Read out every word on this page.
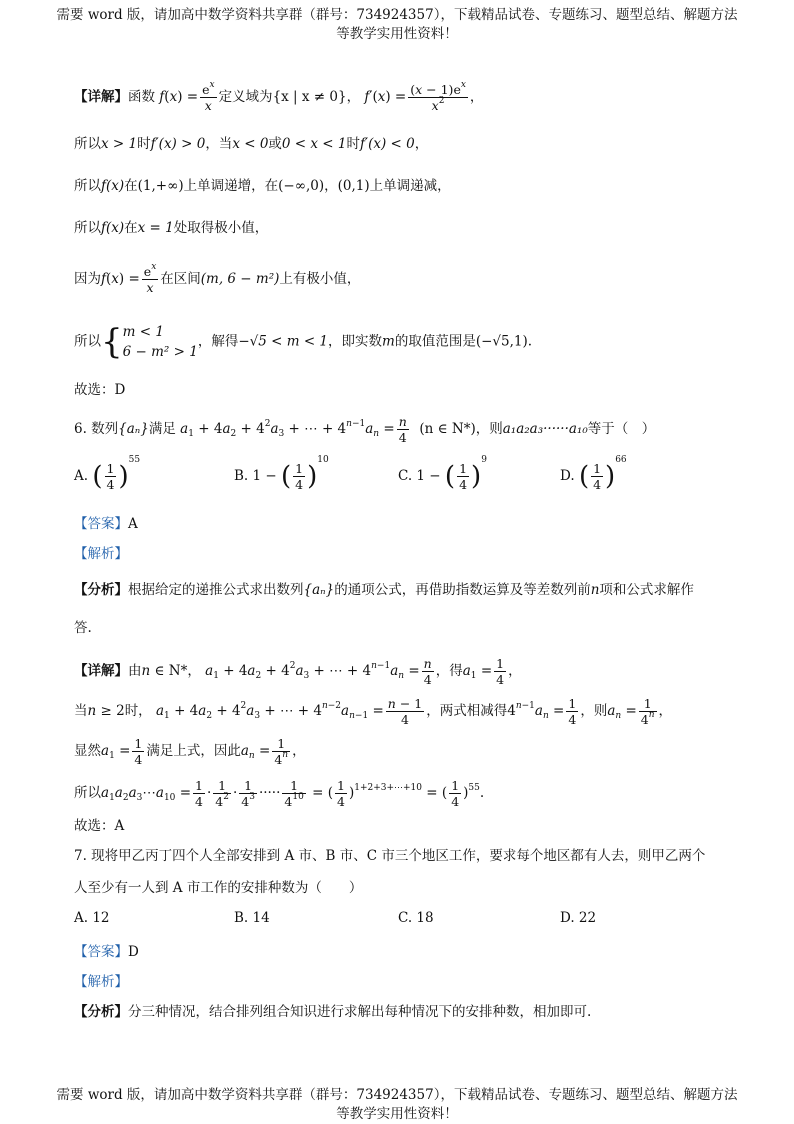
需要 word 版，请加高中数学资料共享群（群号：734924357），下载精品试卷、专题练习、题型总结、解题方法
等教学实用性资料！
【详解】函数 $f(x) = \frac{e^x}{x}$ 定义域为{x | x ≠ 0}， $f'(x) = \frac{(x - 1)e^x}{x^2}$ ，
所以x > 1时f′(x) > 0，当x < 0或0 < x < 1时f′(x) < 0，
所以f(x)在(1,+∞)上单调递增，在(−∞,0)，(0,1)上单调递减，
所以f(x)在x = 1处取得极小值，
因为$f(x) = \frac{e^x}{x}$ 在区间(m, 6 − m²)上有极小值，
所以{ m < 1
6 − m² > 1
，解得−√5 < m < 1，即实数m的取值范围是(−√5,1).
故选：D
6. 数列{aₙ}满足 $a_1 + 4a_2 + 4^2a_3$ + ⋯ + $4^{n-1}a_n = \frac{n}{4} (n$ ∈ N*)，则a₁a₂a₃······a₁₀等于（　）
A. ( $\frac{1}{4} )^{55}$
B. 1 − ( $\frac{1}{4} )^{10}$
C. 1 − ( $\frac{1}{4} )^9$
D. ( $\frac{1}{4} )^{66}$
【答案】A
【解析】
【分析】根据给定的递推公式求出数列{aₙ}的通项公式，再借助指数运算及等差数列前n项和公式求解作
答.
【详解】由n ∈ N*， $a_1 + 4a_2 + 4^2a_3$ + ⋯ + $4^{n-1}a_n = \frac{n}{4}$ ，得$a_1 = \frac{1}{4}$ ，
当n ≥ 2时， $a_1 + 4a_2 + 4^2a_3$ + ⋯ + $4^{n-2}a_{n-1} = \frac{n - 1}{4}$ ，两式相减得$4^{n-1}a_n = \frac{1}{4}$ ，则$a_n = \frac{1}{4^n}$ ，
显然$a_1 = \frac{1}{4}$ 满足上式，因此$a_n = \frac{1}{4^n}$ ，
所以$a_1a_2a_3\cdots a_{10} = \frac{1}{4} \cdot \frac{1}{4^2} \cdot \frac{1}{4^3}$ ····· $\frac{1}{4^{10}}$ = ( $\frac{1}{4} )^{1+2+3+\cdots+10}$ = ( $\frac{1}{4} )^{55}$.
故选：A
7. 现将甲乙丙丁四个人全部安排到 A 市、B 市、C 市三个地区工作，要求每个地区都有人去，则甲乙两个
人至少有一人到 A 市工作的安排种数为（　　）
A. 12	B. 14	C. 18	D. 22
【答案】D
【解析】
【分析】分三种情况，结合排列组合知识进行求解出每种情况下的安排种数，相加即可.
需要 word 版，请加高中数学资料共享群（群号：734924357），下载精品试卷、专题练习、题型总结、解题方法
等教学实用性资料！
